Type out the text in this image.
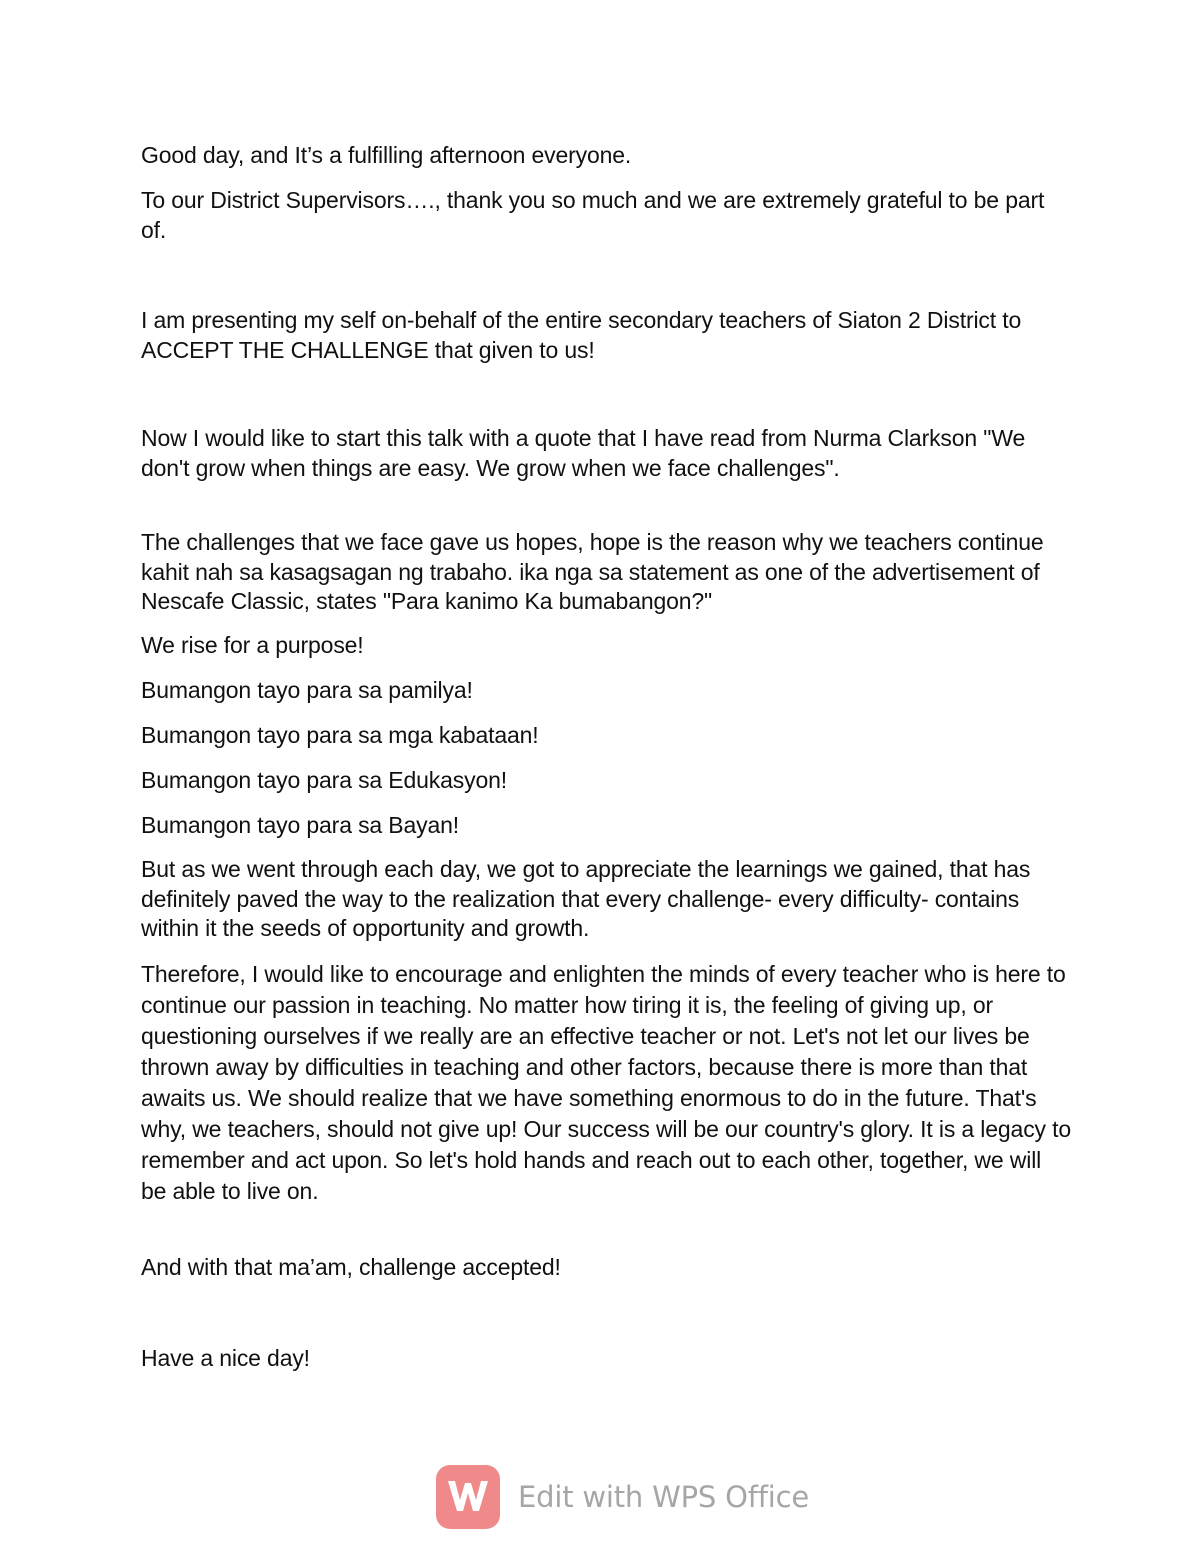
Good day, and It’s a fulfilling afternoon everyone.

To our District Supervisors…., thank you so much and we are extremely grateful to be part of.

I am presenting my self on-behalf of the entire secondary teachers of Siaton 2 District to ACCEPT THE CHALLENGE that given to us!

Now I would like to start this talk with a quote that I have read from Nurma Clarkson "We don't grow when things are easy. We grow when we face challenges".

The challenges that we face gave us hopes, hope is the reason why we teachers continue kahit nah sa kasagsagan ng trabaho. ika nga sa statement as one of the advertisement of Nescafe Classic, states "Para kanimo Ka bumabangon?"

We rise for a purpose!

Bumangon tayo para sa pamilya!

Bumangon tayo para sa mga kabataan!

Bumangon tayo para sa Edukasyon!

Bumangon tayo para sa Bayan!

But as we went through each day, we got to appreciate the learnings we gained, that has definitely paved the way to the realization that every challenge- every difficulty- contains within it the seeds of opportunity and growth.

Therefore, I would like to encourage and enlighten the minds of every teacher who is here to continue our passion in teaching. No matter how tiring it is, the feeling of giving up, or questioning ourselves if we really are an effective teacher or not. Let's not let our lives be thrown away by difficulties in teaching and other factors, because there is more than that awaits us. We should realize that we have something enormous to do in the future. That's why, we teachers, should not give up! Our success will be our country's glory. It is a legacy to remember and act upon. So let's hold hands and reach out to each other, together, we will be able to live on.

And with that ma’am, challenge accepted!

Have a nice day!

Edit with WPS Office
